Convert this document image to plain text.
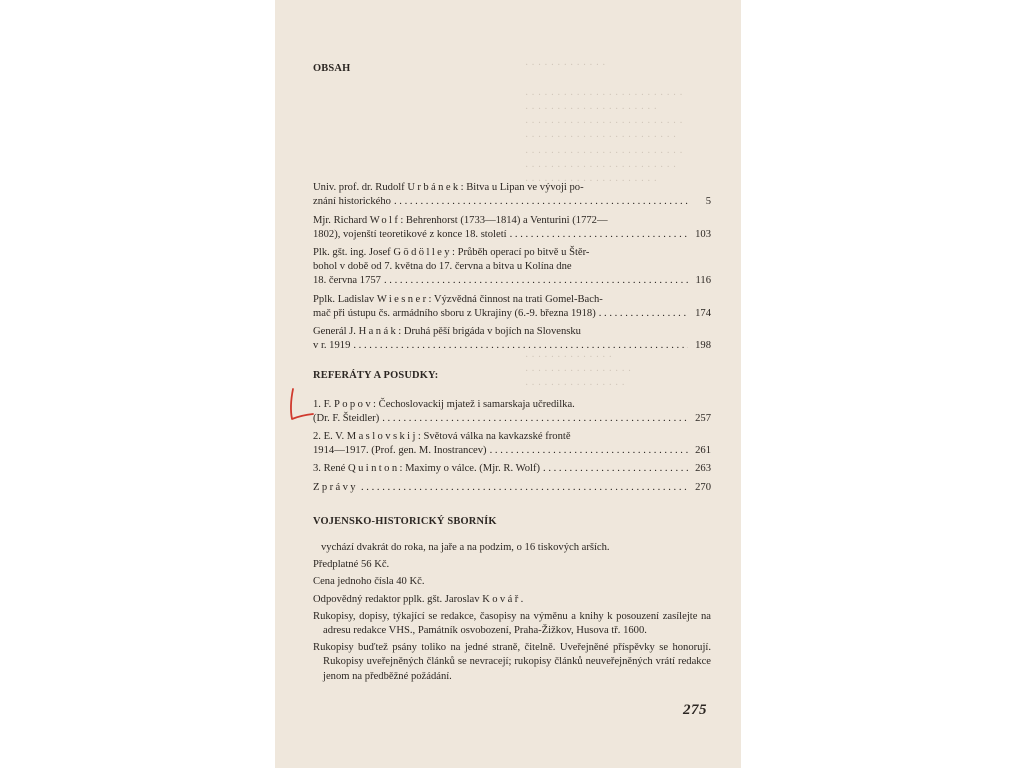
· · · · · · · · · · · · ·
· · · · · · · · · · · · · · · · · · · · · · · · ·
· · · · · · · · · · · · · · · · · · · · ·
· · · · · · · · · · · · · · · · · · · · · · · · ·
· · · · · · · · · · · · · · · · · · · · · · · ·
· · · · · · · · · · · · · · · · · · · · · · · · ·
· · · · · · · · · · · · · · · · · · · · · · · ·
· · · · · · · · · · · · · · · · · · · · ·
· · · · · · · · · · · · · ·
· · · · · · · · · · · · · · · · ·
· · · · · · · · · · · · · · · ·
OBSAH
Univ. prof. dr. Rudolf Urbánek: Bitva u Lipan ve vývoji po-
znání historického . . .	5
Mjr. Richard Wolf: Behrenhorst (1733—1814) a Venturini (1772—
1802), vojenští teoretikové z konce 18. století . . .	103
Plk. gšt. ing. Josef Gödölley: Průběh operací po bitvě u Štěr-
bohol v době od 7. května do 17. června a bitva u Kolína dne
18. června 1757 . . .	116
Pplk. Ladislav Wiesner: Výzvědná činnost na trati Gomel-Bach-
mač při ústupu čs. armádního sboru z Ukrajiny (6.-9. března 1918) . . .	174
Generál J. Hanák: Druhá pěší brigáda v bojích na Slovensku
v r. 1919 . . .	198
REFERÁTY A POSUDKY:
1. F. Popov: Čechoslovackij mjatež i samarskaja učredilka.
(Dr. F. Šteidler) . . .	257
2. E. V. Maslovskij: Světová válka na kavkazské frontě
1914—1917. (Prof. gen. M. Inostrancev) . . .	261
3. René Quinton: Maximy o válce. (Mjr. R. Wolf) . . .	263
Zprávy . . .	270
VOJENSKO-HISTORICKÝ SBORNÍK
vychází dvakrát do roka, na jaře a na podzim, o 16 tiskových arších.
Předplatné 56 Kč.
Cena jednoho čísla 40 Kč.
Odpovědný redaktor pplk. gšt. Jaroslav Kovář.
Rukopisy, dopisy, týkající se redakce, časopisy na výměnu a knihy k posouzení zasílejte na adresu redakce VHS., Památník osvobození, Praha-Žižkov, Husova tř. 1600.
Rukopisy buďtež psány toliko na jedné straně, čitelně. Uveřejněné příspěvky se honorují. Rukopisy uveřejněných článků se nevracejí; rukopisy článků neuveřejněných vrátí redakce jenom na předběžné požádání.
275
